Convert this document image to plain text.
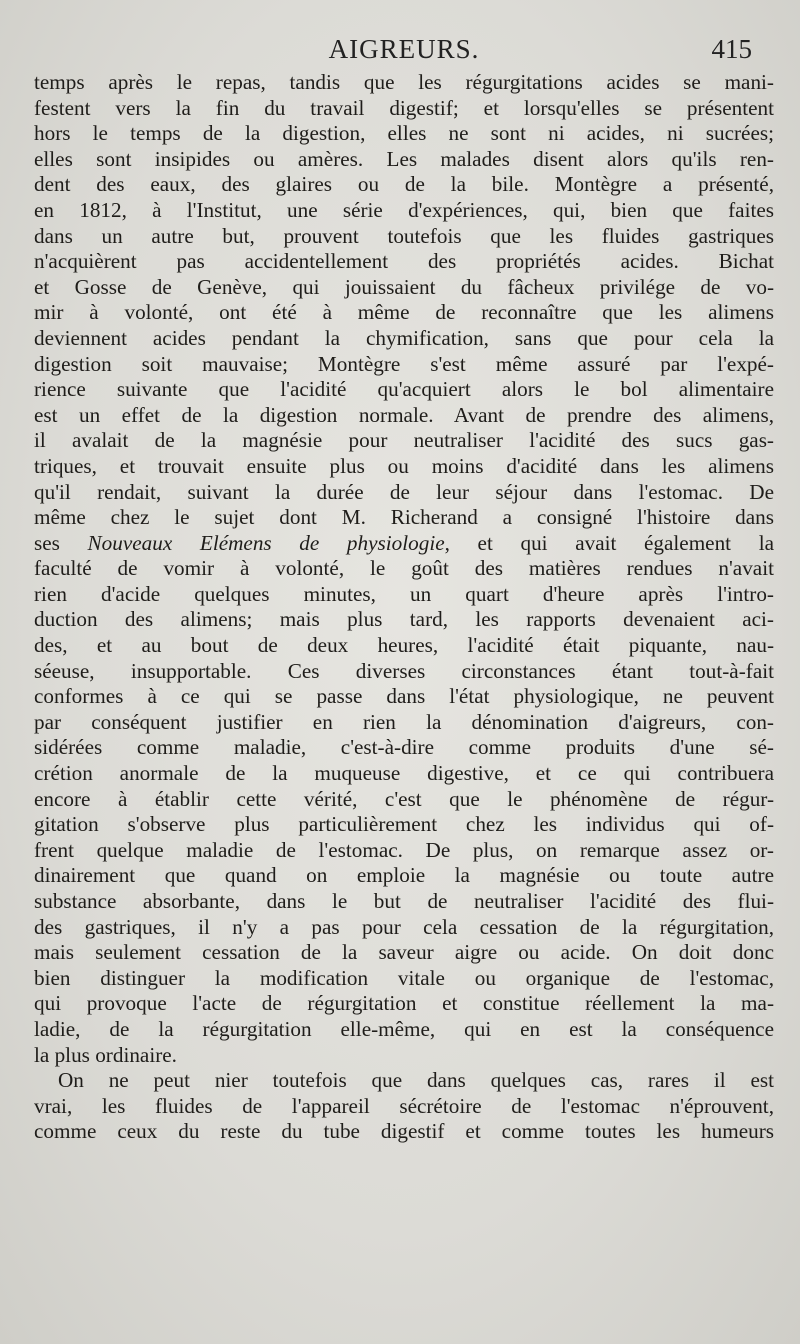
AIGREURS.	415
temps après le repas, tandis que les régurgitations acides se mani-
festent vers la fin du travail digestif; et lorsqu'elles se présentent
hors le temps de la digestion, elles ne sont ni acides, ni sucrées;
elles sont insipides ou amères. Les malades disent alors qu'ils ren-
dent des eaux, des glaires ou de la bile. Montègre a présenté,
en 1812, à l'Institut, une série d'expériences, qui, bien que faites
dans un autre but, prouvent toutefois que les fluides gastriques
n'acquièrent pas accidentellement des propriétés acides. Bichat
et Gosse de Genève, qui jouissaient du fâcheux privilége de vo-
mir à volonté, ont été à même de reconnaître que les alimens
deviennent acides pendant la chymification, sans que pour cela la
digestion soit mauvaise; Montègre s'est même assuré par l'expé-
rience suivante que l'acidité qu'acquiert alors le bol alimentaire
est un effet de la digestion normale. Avant de prendre des alimens,
il avalait de la magnésie pour neutraliser l'acidité des sucs gas-
triques, et trouvait ensuite plus ou moins d'acidité dans les alimens
qu'il rendait, suivant la durée de leur séjour dans l'estomac. De
même chez le sujet dont M. Richerand a consigné l'histoire dans
ses Nouveaux Elémens de physiologie, et qui avait également la
faculté de vomir à volonté, le goût des matières rendues n'avait
rien d'acide quelques minutes, un quart d'heure après l'intro-
duction des alimens; mais plus tard, les rapports devenaient aci-
des, et au bout de deux heures, l'acidité était piquante, nau-
séeuse, insupportable. Ces diverses circonstances étant tout-à-fait
conformes à ce qui se passe dans l'état physiologique, ne peuvent
par conséquent justifier en rien la dénomination d'aigreurs, con-
sidérées comme maladie, c'est-à-dire comme produits d'une sé-
crétion anormale de la muqueuse digestive, et ce qui contribuera
encore à établir cette vérité, c'est que le phénomène de régur-
gitation s'observe plus particulièrement chez les individus qui of-
frent quelque maladie de l'estomac. De plus, on remarque assez or-
dinairement que quand on emploie la magnésie ou toute autre
substance absorbante, dans le but de neutraliser l'acidité des flui-
des gastriques, il n'y a pas pour cela cessation de la régurgitation,
mais seulement cessation de la saveur aigre ou acide. On doit donc
bien distinguer la modification vitale ou organique de l'estomac,
qui provoque l'acte de régurgitation et constitue réellement la ma-
ladie, de la régurgitation elle-même, qui en est la conséquence
la plus ordinaire.
On ne peut nier toutefois que dans quelques cas, rares il est
vrai, les fluides de l'appareil sécrétoire de l'estomac n'éprouvent,
comme ceux du reste du tube digestif et comme toutes les humeurs
